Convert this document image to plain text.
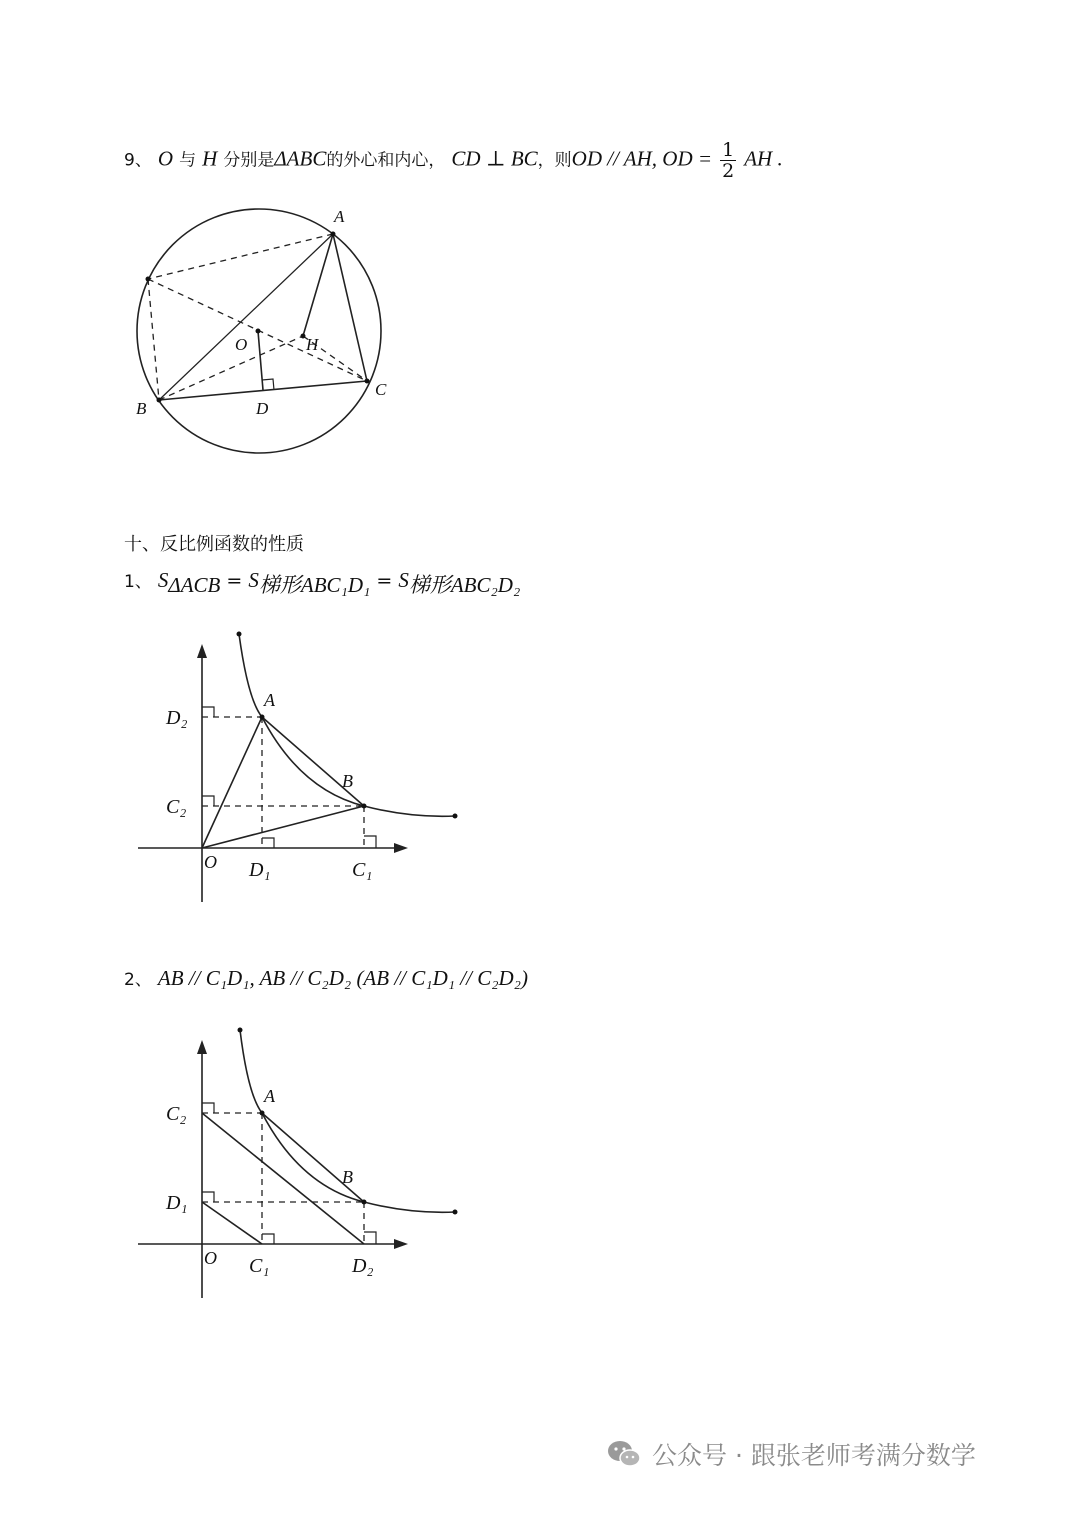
9、 O 与 H 分别是ΔABC的外心和内心， CD ⊥ BC，则OD // AH, OD = $\frac{1}{2}$ AH .
A
O	H
C
B	D
十、反比例函数的性质
1、 $S_{\Delta ACB} = S_{梯形ABC_1D_1} = S_{梯形ABC_2D_2}$
A
B
D₂
C₂
O D₁	C₁
2、 AB // C₁D₁, AB // C₂D₂ (AB // C₁D₁ // C₂D₂)
A
B
C₂
D₁
O C₁	D₂
公众号 · 跟张老师考满分数学
